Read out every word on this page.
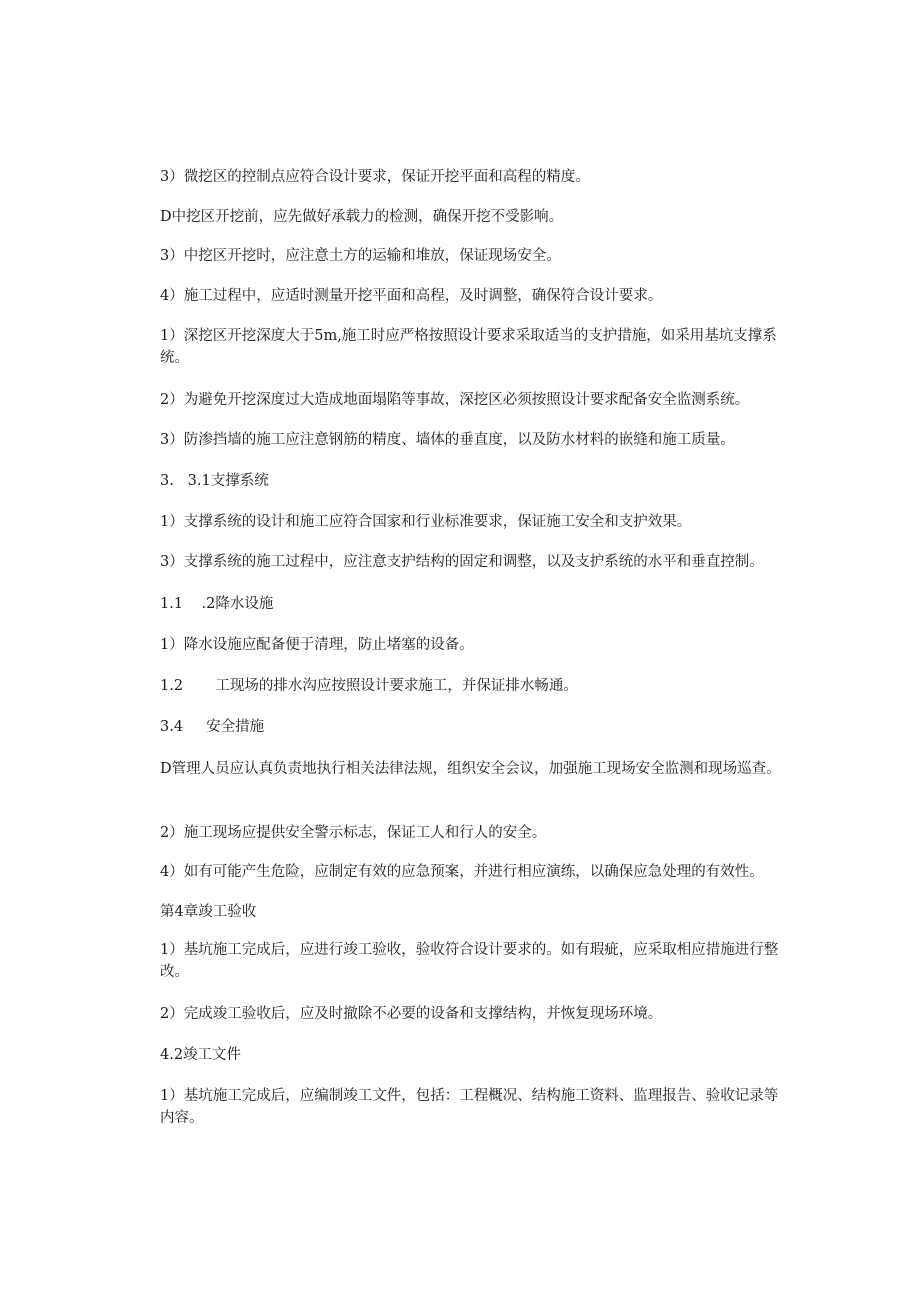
3）微挖区的控制点应符合设计要求，保证开挖平面和高程的精度。

D中挖区开挖前，应先做好承载力的检测，确保开挖不受影响。

3）中挖区开挖时，应注意土方的运输和堆放，保证现场安全。

4）施工过程中，应适时测量开挖平面和高程，及时调整，确保符合设计要求。

1）深挖区开挖深度大于5m,施工时应严格按照设计要求采取适当的支护措施，如采用基坑支撑系统。

2）为避免开挖深度过大造成地面塌陷等事故，深挖区必须按照设计要求配备安全监测系统。

3）防渗挡墙的施工应注意钢筋的精度、墙体的垂直度，以及防水材料的嵌缝和施工质量。

3.   3.1支撑系统

1）支撑系统的设计和施工应符合国家和行业标准要求，保证施工安全和支护效果。

3）支撑系统的施工过程中，应注意支护结构的固定和调整，以及支护系统的水平和垂直控制。

1.1    .2降水设施

1）降水设施应配备便于清理，防止堵塞的设备。

1.2       工现场的排水沟应按照设计要求施工，并保证排水畅通。

3.4     安全措施

D管理人员应认真负责地执行相关法律法规，组织安全会议，加强施工现场安全监测和现场巡查。

2）施工现场应提供安全警示标志，保证工人和行人的安全。

4）如有可能产生危险，应制定有效的应急预案，并进行相应演练，以确保应急处理的有效性。

第4章竣工验收

1）基坑施工完成后，应进行竣工验收，验收符合设计要求的。如有瑕疵，应采取相应措施进行整改。

2）完成竣工验收后，应及时撤除不必要的设备和支撑结构，并恢复现场环境。

4.2竣工文件

1）基坑施工完成后，应编制竣工文件，包括：工程概况、结构施工资料、监理报告、验收记录等内容。
